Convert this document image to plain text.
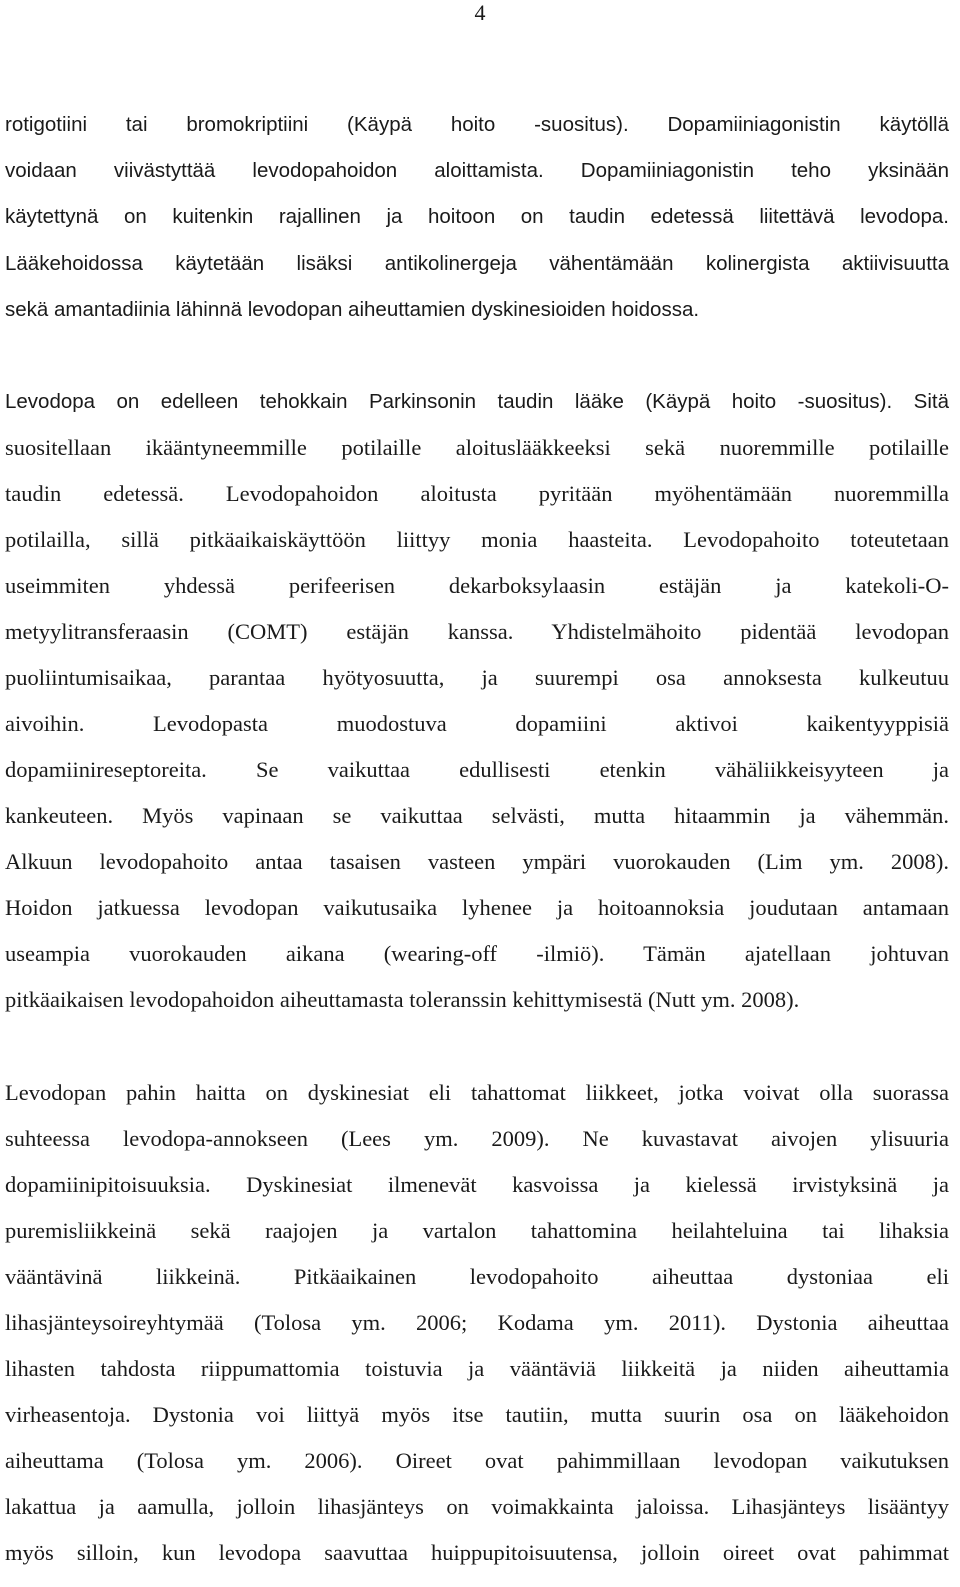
4
rotigotiini tai bromokriptiini (Käypä hoito -suositus). Dopamiiniagonistin käytöllä
voidaan viivästyttää levodopahoidon aloittamista. Dopamiiniagonistin teho yksinään
käytettynä on kuitenkin rajallinen ja hoitoon on taudin edetessä liitettävä levodopa.
Lääkehoidossa käytetään lisäksi antikolinergeja vähentämään kolinergista aktiivisuutta
sekä amantadiinia lähinnä levodopan aiheuttamien dyskinesioiden hoidossa.
Levodopa on edelleen tehokkain Parkinsonin taudin lääke (Käypä hoito -suositus). Sitä
suositellaan ikääntyneemmille potilaille aloituslääkkeeksi sekä nuoremmille potilaille
taudin edetessä. Levodopahoidon aloitusta pyritään myöhentämään nuoremmilla
potilailla, sillä pitkäaikaiskäyttöön liittyy monia haasteita. Levodopahoito toteutetaan
useimmiten yhdessä perifeerisen dekarboksylaasin estäjän ja katekoli-O-
metyylitransferaasin (COMT) estäjän kanssa. Yhdistelmähoito pidentää levodopan
puoliintumisaikaa, parantaa hyötyosuutta, ja suurempi osa annoksesta kulkeutuu
aivoihin. Levodopasta muodostuva dopamiini aktivoi kaikentyyppisiä
dopamiinireseptoreita. Se vaikuttaa edullisesti etenkin vähäliikkeisyyteen ja
kankeuteen. Myös vapinaan se vaikuttaa selvästi, mutta hitaammin ja vähemmän.
Alkuun levodopahoito antaa tasaisen vasteen ympäri vuorokauden (Lim ym. 2008).
Hoidon jatkuessa levodopan vaikutusaika lyhenee ja hoitoannoksia joudutaan antamaan
useampia vuorokauden aikana (wearing-off -ilmiö). Tämän ajatellaan johtuvan
pitkäaikaisen levodopahoidon aiheuttamasta toleranssin kehittymisestä (Nutt ym. 2008).
Levodopan pahin haitta on dyskinesiat eli tahattomat liikkeet, jotka voivat olla suorassa
suhteessa levodopa-annokseen (Lees ym. 2009). Ne kuvastavat aivojen ylisuuria
dopamiinipitoisuuksia. Dyskinesiat ilmenevät kasvoissa ja kielessä irvistyksinä ja
puremisliikkeinä sekä raajojen ja vartalon tahattomina heilahteluina tai lihaksia
vääntävinä liikkeinä. Pitkäaikainen levodopahoito aiheuttaa dystoniaa eli
lihasjänteysoireyhtymää (Tolosa ym. 2006; Kodama ym. 2011). Dystonia aiheuttaa
lihasten tahdosta riippumattomia toistuvia ja vääntäviä liikkeitä ja niiden aiheuttamia
virheasentoja. Dystonia voi liittyä myös itse tautiin, mutta suurin osa on lääkehoidon
aiheuttama (Tolosa ym. 2006). Oireet ovat pahimmillaan levodopan vaikutuksen
lakattua ja aamulla, jolloin lihasjänteys on voimakkainta jaloissa. Lihasjänteys lisääntyy
myös silloin, kun levodopa saavuttaa huippupitoisuutensa, jolloin oireet ovat pahimmat
